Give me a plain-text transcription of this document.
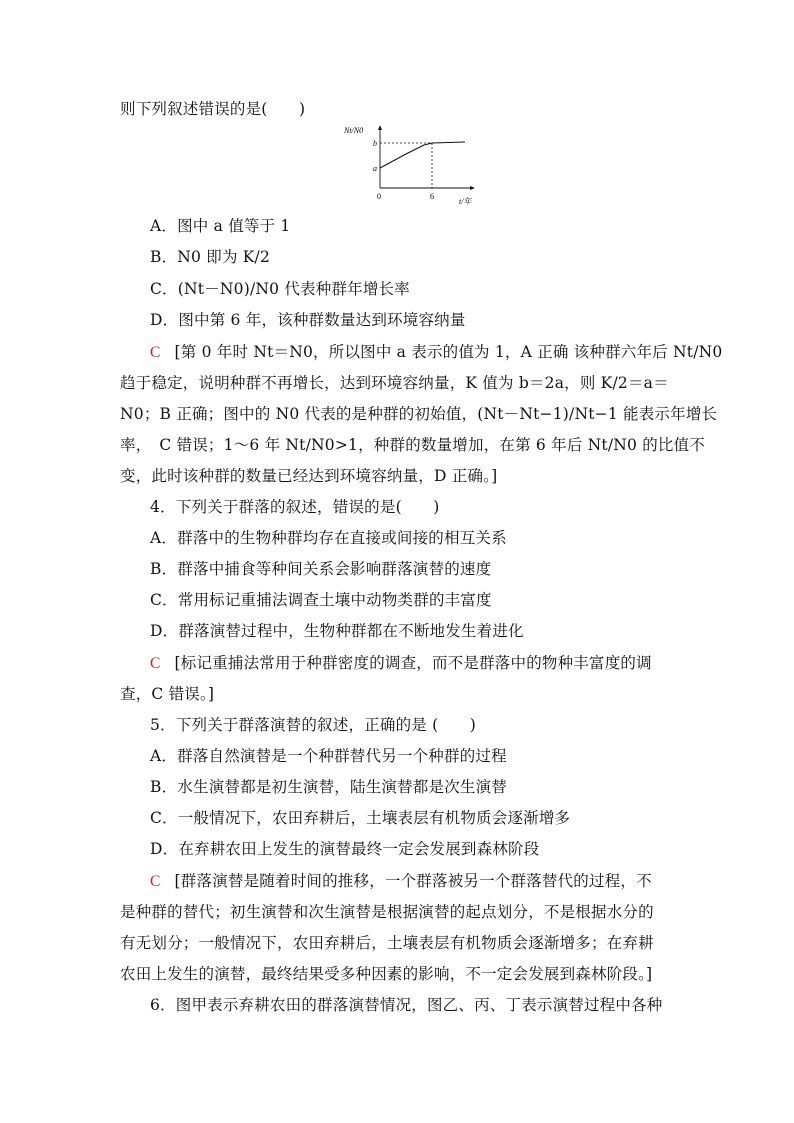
则下列叙述错误的是(　　)
Nt/N0
b
a
0	6
t/年
A．图中 a 值等于 1
B．N0 即为 K/2
C．(Nt－N0)/N0 代表种群年增长率
D．图中第 6 年，该种群数量达到环境容纳量
C [第 0 年时 Nt＝N0，所以图中 a 表示的值为 1，A 正确 该种群六年后 Nt/N0
趋于稳定，说明种群不再增长，达到环境容纳量，K 值为 b＝2a，则 K/2＝a＝
N0；B 正确；图中的 N0 代表的是种群的初始值，(Nt－Nt−1)/Nt−1 能表示年增长
率，　C 错误；1～6 年 Nt/N0>1，种群的数量增加，在第 6 年后 Nt/N0 的比值不
变，此时该种群的数量已经达到环境容纳量，D 正确。]
4．下列关于群落的叙述，错误的是(　　)
A．群落中的生物种群均存在直接或间接的相互关系
B．群落中捕食等种间关系会影响群落演替的速度
C．常用标记重捕法调查土壤中动物类群的丰富度
D．群落演替过程中，生物种群都在不断地发生着进化
C [标记重捕法常用于种群密度的调查，而不是群落中的物种丰富度的调
查，C 错误。]
5．下列关于群落演替的叙述，正确的是 (　　)
A．群落自然演替是一个种群替代另一个种群的过程
B．水生演替都是初生演替，陆生演替都是次生演替
C．一般情况下，农田弃耕后，土壤表层有机物质会逐渐增多
D．在弃耕农田上发生的演替最终一定会发展到森林阶段
C [群落演替是随着时间的推移，一个群落被另一个群落替代的过程，不
是种群的替代；初生演替和次生演替是根据演替的起点划分，不是根据水分的
有无划分；一般情况下，农田弃耕后，土壤表层有机物质会逐渐增多；在弃耕
农田上发生的演替，最终结果受多种因素的影响，不一定会发展到森林阶段。]
6．图甲表示弃耕农田的群落演替情况，图乙、丙、丁表示演替过程中各种
